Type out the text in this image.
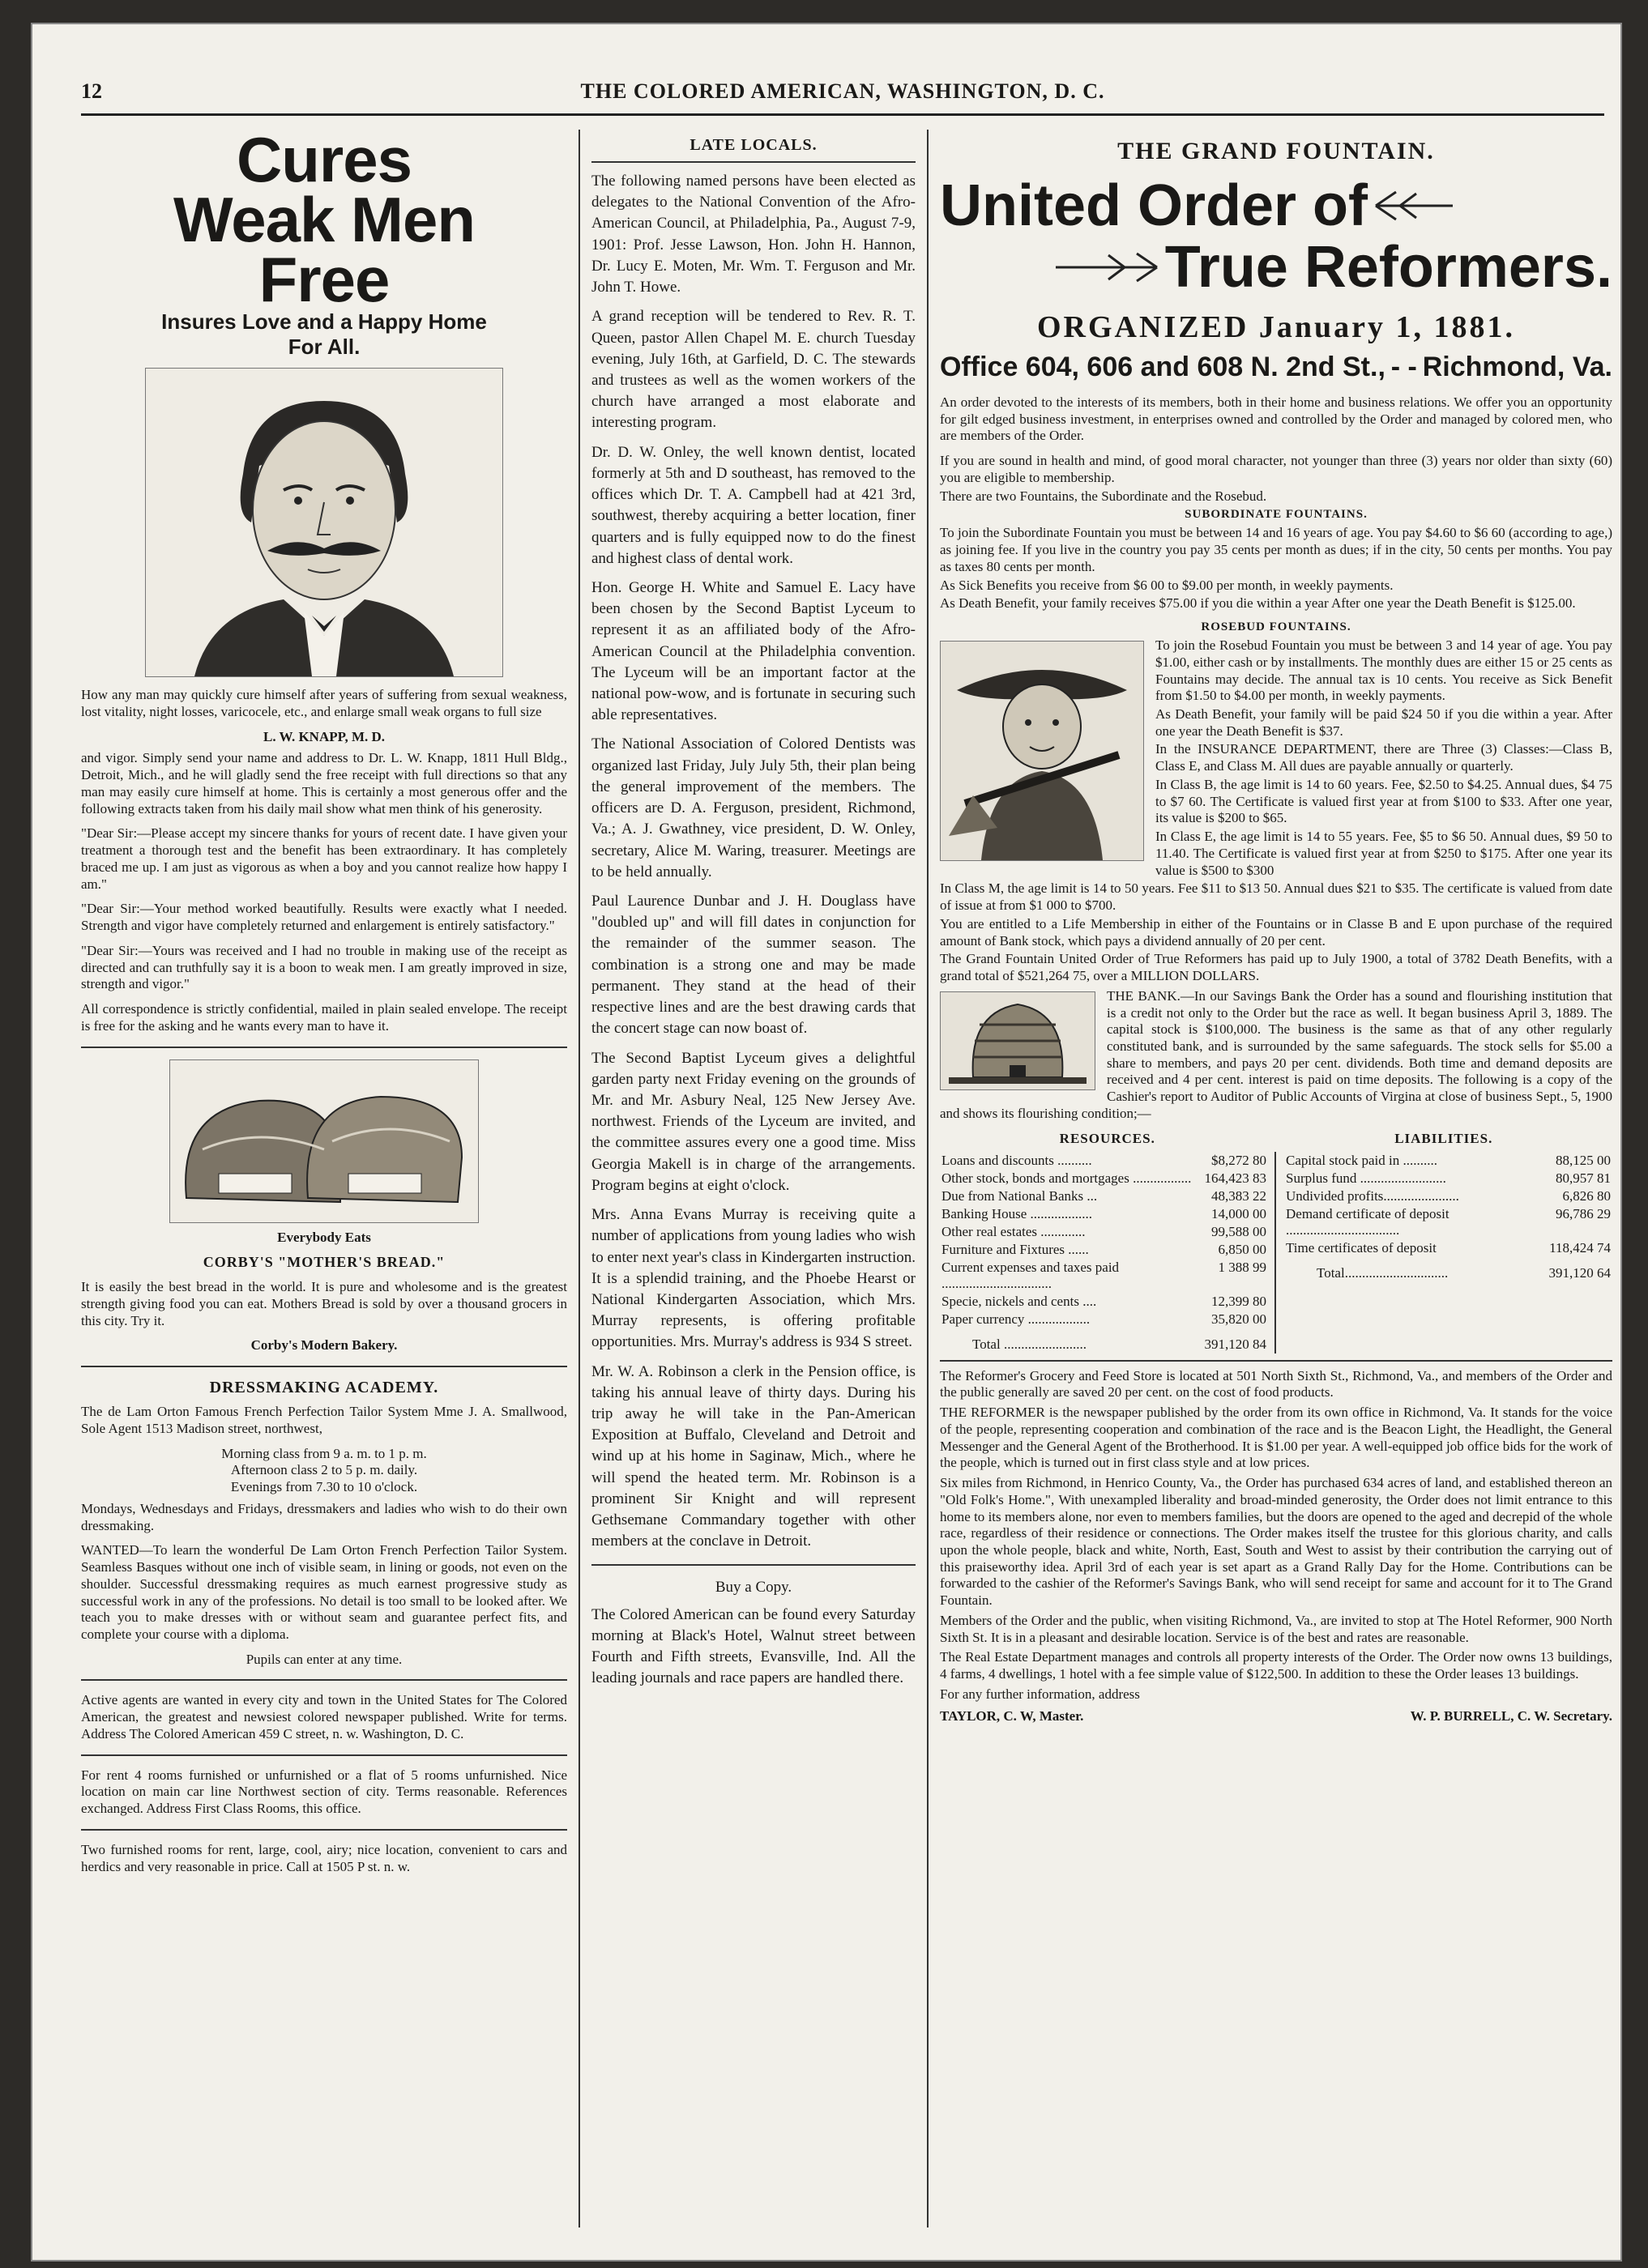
12	THE COLORED AMERICAN, WASHINGTON, D. C.
Cures
Weak Men
Free
Insures Love and a Happy Home
For All.

How any man may quickly cure himself after years of suffering from sexual weakness, lost vitality, night losses, varicocele, etc., and enlarge small weak organs to full size

L. W. KNAPP, M. D.

and vigor. Simply send your name and address to Dr. L. W. Knapp, 1811 Hull Bldg., Detroit, Mich., and he will gladly send the free receipt with full directions so that any man may easily cure himself at home. This is certainly a most generous offer and the following extracts taken from his daily mail show what men think of his generosity.

"Dear Sir:—Please accept my sincere thanks for yours of recent date. I have given your treatment a thorough test and the benefit has been extraordinary. It has completely braced me up. I am just as vigorous as when a boy and you cannot realize how happy I am."

"Dear Sir:—Your method worked beautifully. Results were exactly what I needed. Strength and vigor have completely returned and enlargement is entirely satisfactory."

"Dear Sir:—Yours was received and I had no trouble in making use of the receipt as directed and can truthfully say it is a boon to weak men. I am greatly improved in size, strength and vigor."

All correspondence is strictly confidential, mailed in plain sealed envelope. The receipt is free for the asking and he wants every man to have it.

Everybody Eats
CORBY'S "MOTHER'S BREAD."

It is easily the best bread in the world. It is pure and wholesome and is the greatest strength giving food you can eat. Mothers Bread is sold by over a thousand grocers in this city. Try it.

Corby's Modern Bakery.
DRESSMAKING ACADEMY.

The de Lam Orton Famous French Perfection Tailor System Mme J. A. Smallwood, Sole Agent 1513 Madison street, northwest,

Morning class from 9 a. m. to 1 p. m.
Afternoon class 2 to 5 p. m. daily.
Evenings from 7.30 to 10 o'clock.

Mondays, Wednesdays and Fridays, dressmakers and ladies who wish to do their own dressmaking.

WANTED—To learn the wonderful De Lam Orton French Perfection Tailor System. Seamless Basques without one inch of visible seam, in lining or goods, not even on the shoulder. Successful dressmaking requires as much earnest progressive study as successful work in any of the professions. No detail is too small to be looked after. We teach you to make dresses with or without seam and guarantee perfect fits, and complete your course with a diploma.

Pupils can enter at any time.

Active agents are wanted in every city and town in the United States for The Colored American, the greatest and newsiest colored newspaper published. Write for terms. Address The Colored American 459 C street, n. w. Washington, D. C.

For rent 4 rooms furnished or unfurnished or a flat of 5 rooms unfurnished. Nice location on main car line Northwest section of city. Terms reasonable. References exchanged. Address First Class Rooms, this office.

Two furnished rooms for rent, large, cool, airy; nice location, convenient to cars and herdics and very reasonable in price. Call at 1505 P st. n. w.

LATE LOCALS.

The following named persons have been elected as delegates to the National Convention of the Afro-American Council, at Philadelphia, Pa., August 7-9, 1901: Prof. Jesse Lawson, Hon. John H. Hannon, Dr. Lucy E. Moten, Mr. Wm. T. Ferguson and Mr. John T. Howe.

A grand reception will be tendered to Rev. R. T. Queen, pastor Allen Chapel M. E. church Tuesday evening, July 16th, at Garfield, D. C. The stewards and trustees as well as the women workers of the church have arranged a most elaborate and interesting program.

Dr. D. W. Onley, the well known dentist, located formerly at 5th and D southeast, has removed to the offices which Dr. T. A. Campbell had at 421 3rd, southwest, thereby acquiring a better location, finer quarters and is fully equipped now to do the finest and highest class of dental work.

Hon. George H. White and Samuel E. Lacy have been chosen by the Second Baptist Lyceum to represent it as an affiliated body of the Afro-American Council at the Philadelphia convention. The Lyceum will be an important factor at the national pow-wow, and is fortunate in securing such able representatives.

The National Association of Colored Dentists was organized last Friday, July July 5th, their plan being the general improvement of the members. The officers are D. A. Ferguson, president, Richmond, Va.; A. J. Gwathney, vice president, D. W. Onley, secretary, Alice M. Waring, treasurer. Meetings are to be held annually.

Paul Laurence Dunbar and J. H. Douglass have "doubled up" and will fill dates in conjunction for the remainder of the summer season. The combination is a strong one and may be made permanent. They stand at the head of their respective lines and are the best drawing cards that the concert stage can now boast of.

The Second Baptist Lyceum gives a delightful garden party next Friday evening on the grounds of Mr. and Mr. Asbury Neal, 125 New Jersey Ave. northwest. Friends of the Lyceum are invited, and the committee assures every one a good time. Miss Georgia Makell is in charge of the arrangements. Program begins at eight o'clock.

Mrs. Anna Evans Murray is receiving quite a number of applications from young ladies who wish to enter next year's class in Kindergarten instruction. It is a splendid training, and the Phoebe Hearst or National Kindergarten Association, which Mrs. Murray represents, is offering profitable opportunities. Mrs. Murray's address is 934 S street.

Mr. W. A. Robinson a clerk in the Pension office, is taking his annual leave of thirty days. During his trip away he will take in the Pan-American Exposition at Buffalo, Cleveland and Detroit and wind up at his home in Saginaw, Mich., where he will spend the heated term. Mr. Robinson is a prominent Sir Knight and will represent Gethsemane Commandary together with other members at the conclave in Detroit.

Buy a Copy.

The Colored American can be found every Saturday morning at Black's Hotel, Walnut street between Fourth and Fifth streets, Evansville, Ind. All the leading journals and race papers are handled there.

THE GRAND FOUNTAIN.
United Order of
True Reformers.
ORGANIZED January 1, 1881.
Office 604, 606 and 608 N. 2nd St., - - Richmond, Va.

An order devoted to the interests of its members, both in their home and business relations. We offer you an opportunity for gilt edged business investment, in enterprises owned and controlled by the Order and managed by colored men, who are members of the Order.

If you are sound in health and mind, of good moral character, not younger than three (3) years nor older than sixty (60) you are eligible to membership.

There are two Fountains, the Subordinate and the Rosebud.

SUBORDINATE FOUNTAINS.

To join the Subordinate Fountain you must be between 14 and 16 years of age. You pay $4.60 to $6 60 (according to age,) as joining fee. If you live in the country you pay 35 cents per month as dues; if in the city, 50 cents per months. You pay as taxes 80 cents per month.

As Sick Benefits you receive from $6 00 to $9.00 per month, in weekly payments.

As Death Benefit, your family receives $75.00 if you die within a year After one year the Death Benefit is $125.00.

ROSEBUD FOUNTAINS.

To join the Rosebud Fountain you must be between 3 and 14 year of age. You pay $1.00, either cash or by installments. The monthly dues are either 15 or 25 cents as Fountains may decide. The annual tax is 10 cents. You receive as Sick Benefit from $1.50 to $4.00 per month, in weekly payments.

As Death Benefit, your family will be paid $24 50 if you die within a year. After one year the Death Benefit is $37.

In the INSURANCE DEPARTMENT, there are Three (3) Classes:—Class B, Class E, and Class M. All dues are payable annually or quarterly.

In Class B, the age limit is 14 to 60 years. Fee, $2.50 to $4.25. Annual dues, $4 75 to $7 60. The Certificate is valued first year at from $100 to $33. After one year, its value is $200 to $65.

In Class E, the age limit is 14 to 55 years. Fee, $5 to $6 50. Annual dues, $9 50 to 11.40. The Certificate is valued first year at from $250 to $175. After one year its value is $500 to $300

In Class M, the age limit is 14 to 50 years. Fee $11 to $13 50. Annual dues $21 to $35. The certificate is valued from date of issue at from $1 000 to $700.

You are entitled to a Life Membership in either of the Fountains or in Classe B and E upon purchase of the required amount of Bank stock, which pays a dividend annually of 20 per cent.

The Grand Fountain United Order of True Reformers has paid up to July 1900, a total of 3782 Death Benefits, with a grand total of $521,264 75, over a MILLION DOLLARS.

THE BANK.—In our Savings Bank the Order has a sound and flourishing institution that is a credit not only to the Order but the race as well. It began business April 3, 1889. The capital stock is $100,000. The business is the same as that of any other regularly constituted bank, and is surrounded by the same safeguards. The stock sells for $5.00 a share to members, and pays 20 per cent. dividends. Both time and demand deposits are received and 4 per cent. interest is paid on time deposits. The following is a copy of the Cashier's report to Auditor of Public Accounts of Virgina at close of business Sept., 5, 1900 and shows its flourishing condition;—

RESOURCES.	LIABILITIES.
Loans and discounts ..........	$8,272 80
Other stock, bonds and mortgages .................	164,423 83
Due from National Banks ...	48,383 22
Banking House ..................	14,000 00
Other real estates .............	99,588 00
Furniture and Fixtures ......	6,850 00
Current expenses and taxes paid ................................	1 388 99
Specie, nickels and cents ....	12,399 80
Paper currency ..................	35,820 00
Total ........................	391,120 84
Capital stock paid in ..........	88,125 00
Surplus fund .........................	80,957 81
Undivided profits......................	6,826 80
Demand certificate of deposit .................................	96,786 29
Time certificates of deposit	118,424 74
Total..............................	391,120 64

The Reformer's Grocery and Feed Store is located at 501 North Sixth St., Richmond, Va., and members of the Order and the public generally are saved 20 per cent. on the cost of food products.

THE REFORMER is the newspaper published by the order from its own office in Richmond, Va. It stands for the voice of the people, representing cooperation and combination of the race and is the Beacon Light, the Headlight, the General Messenger and the General Agent of the Brotherhood. It is $1.00 per year. A well-equipped job office bids for the work of the people, which is turned out in first class style and at low prices.

Six miles from Richmond, in Henrico County, Va., the Order has purchased 634 acres of land, and established thereon an "Old Folk's Home.", With unexampled liberality and broad-minded generosity, the Order does not limit entrance to this home to its members alone, nor even to members families, but the doors are opened to the aged and decrepid of the whole race, regardless of their residence or connections. The Order makes itself the trustee for this glorious charity, and calls upon the whole people, black and white, North, East, South and West to assist by their contribution the carrying out of this praiseworthy idea. April 3rd of each year is set apart as a Grand Rally Day for the Home. Contributions can be forwarded to the cashier of the Reformer's Savings Bank, who will send receipt for same and account for it to The Grand Fountain.

Members of the Order and the public, when visiting Richmond, Va., are invited to stop at The Hotel Reformer, 900 North Sixth St. It is in a pleasant and desirable location. Service is of the best and rates are reasonable.

The Real Estate Department manages and controls all property interests of the Order. The Order now owns 13 buildings, 4 farms, 4 dwellings, 1 hotel with a fee simple value of $122,500. In addition to these the Order leases 13 buildings.

For any further information, address

TAYLOR, C. W, Master.	W. P. BURRELL, C. W. Secretary.
